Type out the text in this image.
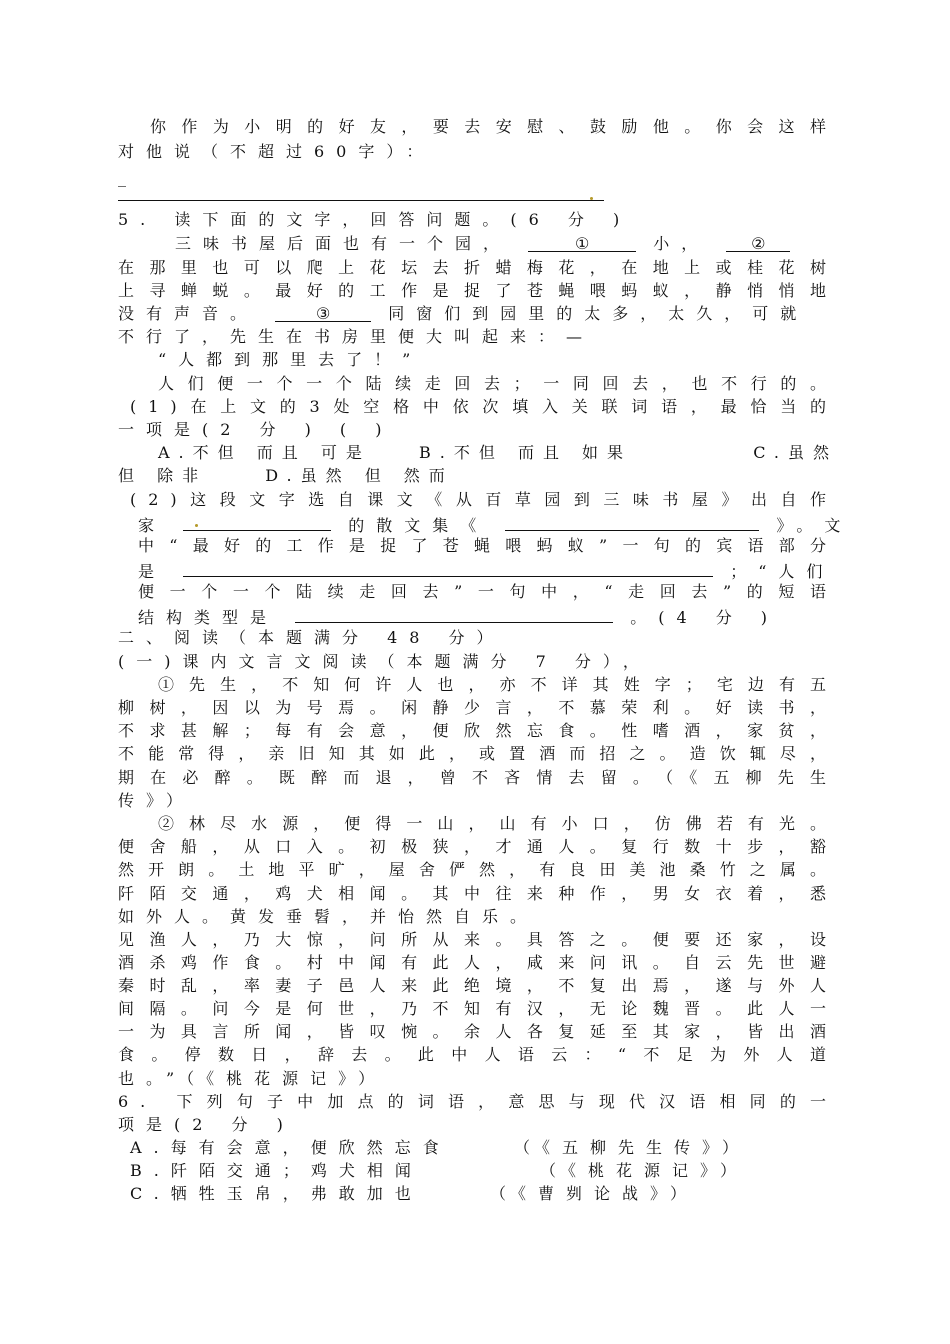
你作为小明的好友，要去安慰、鼓励他。你会这样
对他说（不超过60字）：
_
5. 读下面的文字，回答问题。(6 分 )
三味书屋后面也有一个园，	①	小，	②
在那里也可以爬上花坛去折蜡梅花，在地上或桂花树
上寻蝉蜕。最好的工作是捉了苍蝇喂蚂蚁，静悄悄地
没有声音。	③	同窗们到园里的太多，太久，可就
不行了，先生在书房里便大叫起来：—
“人都到那里去了！”
人们便一个一个陆续走回去；一同回去，也不行的。
(1)在上文的3处空格中依次填入关联词语，最恰当的
一项是(2 分 ) ( )
A.不但 而且 可是	B.不但 而且 如果	C.虽然
但 除非	D.虽然 但 然而
(2)这段文字选自课文《从百草园到三味书屋》出自作
家	的散文集《	》。文
中“最好的工作是捉了苍蝇喂蚂蚁”一句的宾语部分
是	；“人们
便一个一个陆续走回去”一句中，“走回去”的短语
结构类型是	。(4 分 )
二、阅读（本题满分 48 分）
(一)课内文言文阅读（本题满分 7 分），
①先生，不知何许人也，亦不详其姓字；宅边有五
柳树，因以为号焉。闲静少言，不慕荣利。好读书，
不求甚解；每有会意，便欣然忘食。性嗜酒，家贫，
不能常得，亲旧知其如此，或置酒而招之。造饮辄尽，
期在必醉。既醉而退，曾不吝情去留。（《五柳先生
传》）
②林尽水源，便得一山，山有小口，仿佛若有光。
便舍船，从口入。初极狭，才通人。复行数十步，豁
然开朗。土地平旷，屋舍俨然，有良田美池桑竹之属。
阡陌交通，鸡犬相闻。其中往来种作，男女衣着，悉
如外人。黄发垂髫，并怡然自乐。
见渔人，乃大惊，问所从来。具答之。便要还家，设
酒杀鸡作食。村中闻有此人，咸来问讯。自云先世避
秦时乱，率妻子邑人来此绝境，不复出焉，遂与外人
间隔。问今是何世，乃不知有汉，无论魏晋。此人一
一为具言所闻，皆叹惋。余人各复延至其家，皆出酒
食。停数日，辞去。此中人语云：“不足为外人道
也。”（《桃花源记》）
6. 下列句子中加点的词语，意思与现代汉语相同的一
项是(2 分 )
A.每有会意，便欣然忘食	（《五柳先生传》）
B.阡陌交通；鸡犬相闻	（《桃花源记》）
C.牺牲玉帛，弗敢加也	（《曹刿论战》）
